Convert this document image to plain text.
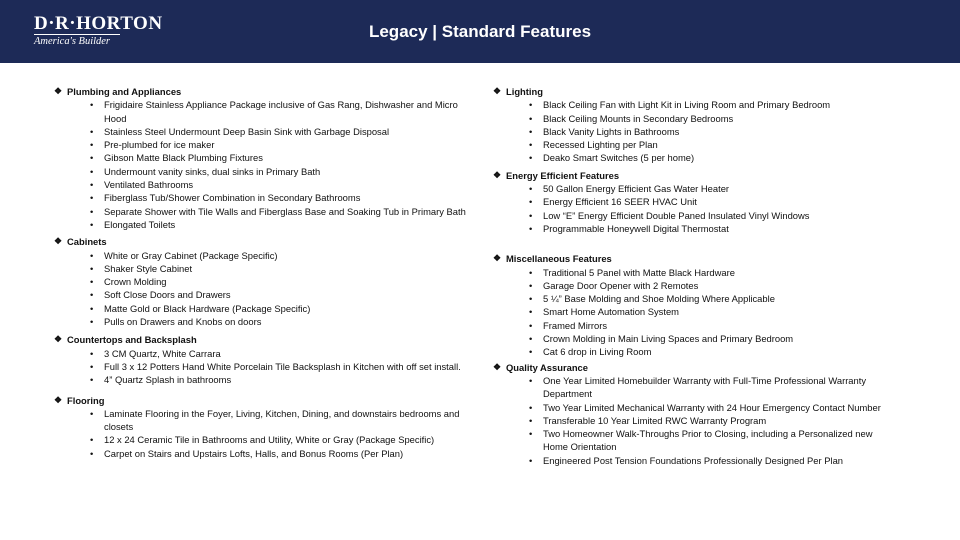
D·R·HORTON
America's Builder
Legacy | Standard Features
❖ Plumbing and Appliances
• Frigidaire Stainless Appliance Package inclusive of Gas Rang, Dishwasher and Micro Hood
• Stainless Steel Undermount Deep Basin Sink with Garbage Disposal
• Pre-plumbed for ice maker
• Gibson Matte Black Plumbing Fixtures
• Undermount vanity sinks, dual sinks in Primary Bath
• Ventilated Bathrooms
• Fiberglass Tub/Shower Combination in Secondary Bathrooms
• Separate Shower with Tile Walls and Fiberglass Base and Soaking Tub in Primary Bath
• Elongated Toilets
❖ Cabinets
• White or Gray Cabinet (Package Specific)
• Shaker Style Cabinet
• Crown Molding
• Soft Close Doors and Drawers
• Matte Gold or Black Hardware (Package Specific)
• Pulls on Drawers and Knobs on doors
❖ Countertops and Backsplash
• 3 CM Quartz, White Carrara
• Full 3 x 12 Potters Hand White Porcelain Tile Backsplash in Kitchen with off set install.
• 4” Quartz Splash in bathrooms
❖ Flooring
• Laminate Flooring in the Foyer, Living, Kitchen, Dining, and downstairs bedrooms and closets
• 12 x 24 Ceramic Tile in Bathrooms and Utility, White or Gray (Package Specific)
• Carpet on Stairs and Upstairs Lofts, Halls, and Bonus Rooms (Per Plan)
❖ Lighting
• Black Ceiling Fan with Light Kit in Living Room and Primary Bedroom
• Black Ceiling Mounts in Secondary Bedrooms
• Black Vanity Lights in Bathrooms
• Recessed Lighting per Plan
• Deako Smart Switches (5 per home)
❖ Energy Efficient Features
• 50 Gallon Energy Efficient Gas Water Heater
• Energy Efficient 16 SEER HVAC Unit
• Low “E” Energy Efficient Double Paned Insulated Vinyl Windows
• Programmable Honeywell Digital Thermostat
❖ Miscellaneous Features
• Traditional 5 Panel with Matte Black Hardware
• Garage Door Opener with 2 Remotes
• 5 ¼” Base Molding and Shoe Molding Where Applicable
• Smart Home Automation System
• Framed Mirrors
• Crown Molding in Main Living Spaces and Primary Bedroom
• Cat 6 drop in Living Room
❖ Quality Assurance
• One Year Limited Homebuilder Warranty with Full-Time Professional Warranty Department
• Two Year Limited Mechanical Warranty with 24 Hour Emergency Contact Number
• Transferable 10 Year Limited RWC Warranty Program
• Two Homeowner Walk-Throughs Prior to Closing, including a Personalized new Home Orientation
• Engineered Post Tension Foundations Professionally Designed Per Plan
